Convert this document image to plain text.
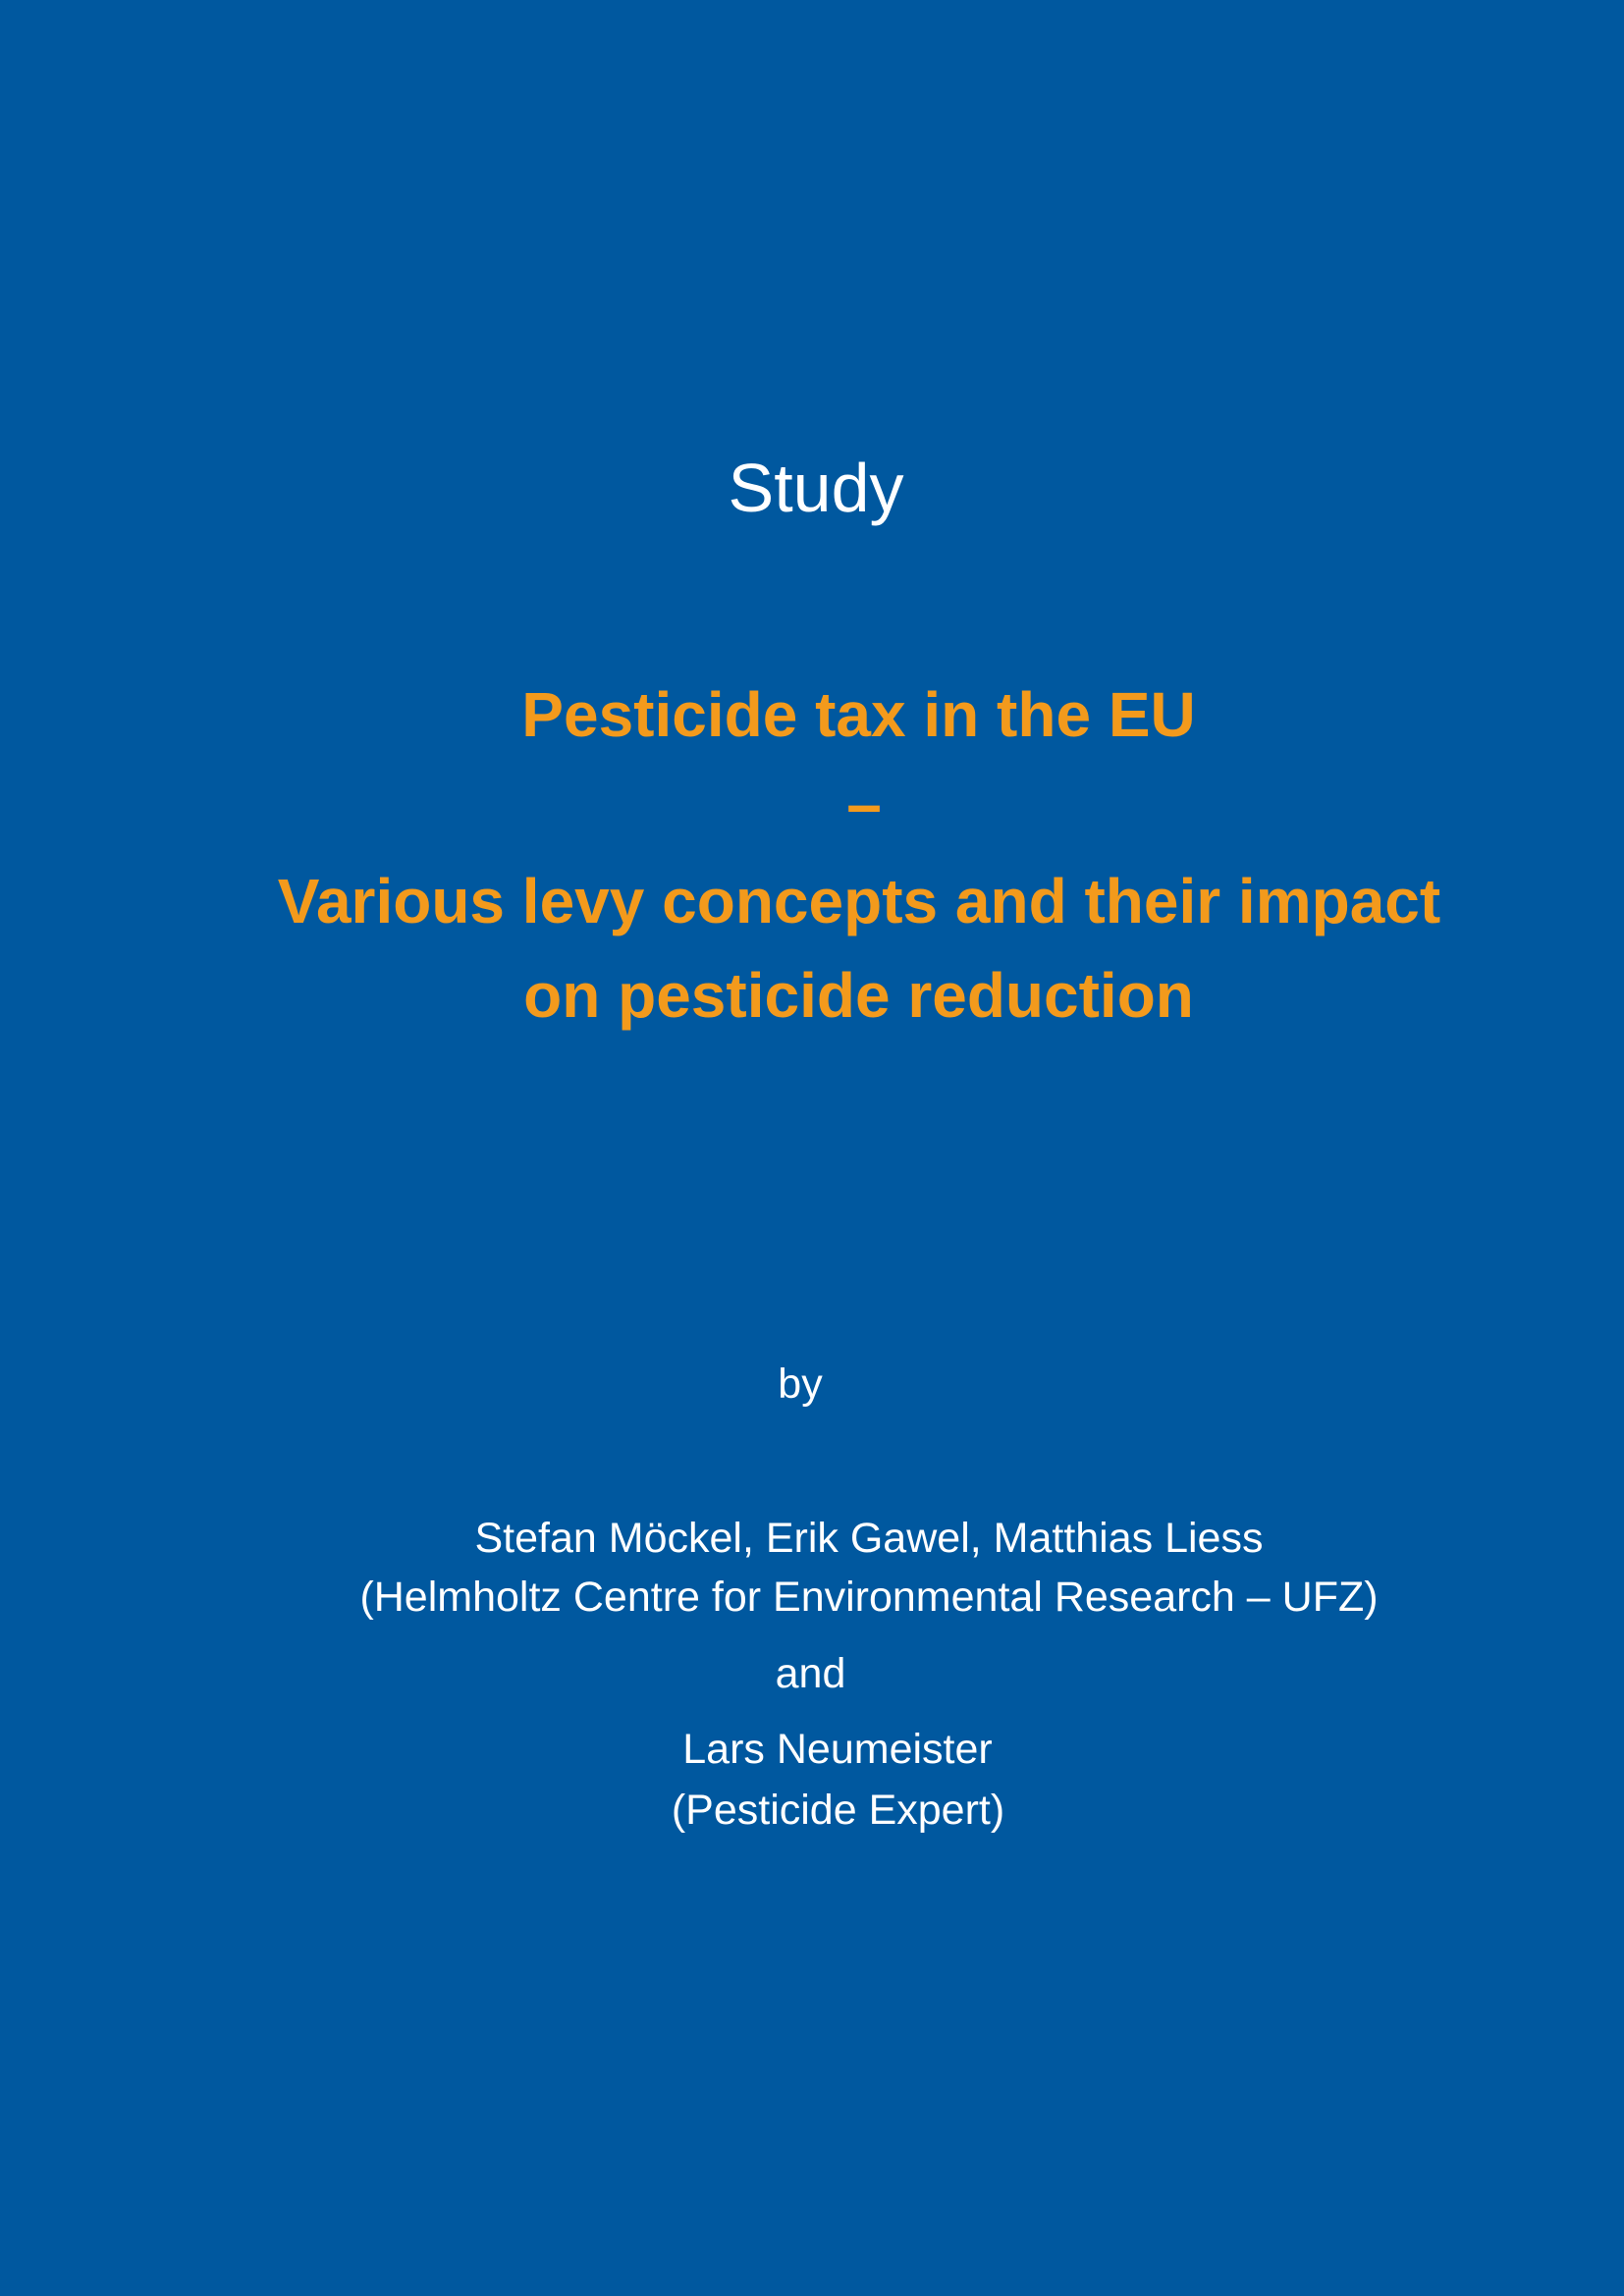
Study
Pesticide tax in the EU
–
Various levy concepts and their impact
on pesticide reduction
by
Stefan Möckel, Erik Gawel, Matthias Liess
(Helmholtz Centre for Environmental Research – UFZ)
and
Lars Neumeister
(Pesticide Expert)
